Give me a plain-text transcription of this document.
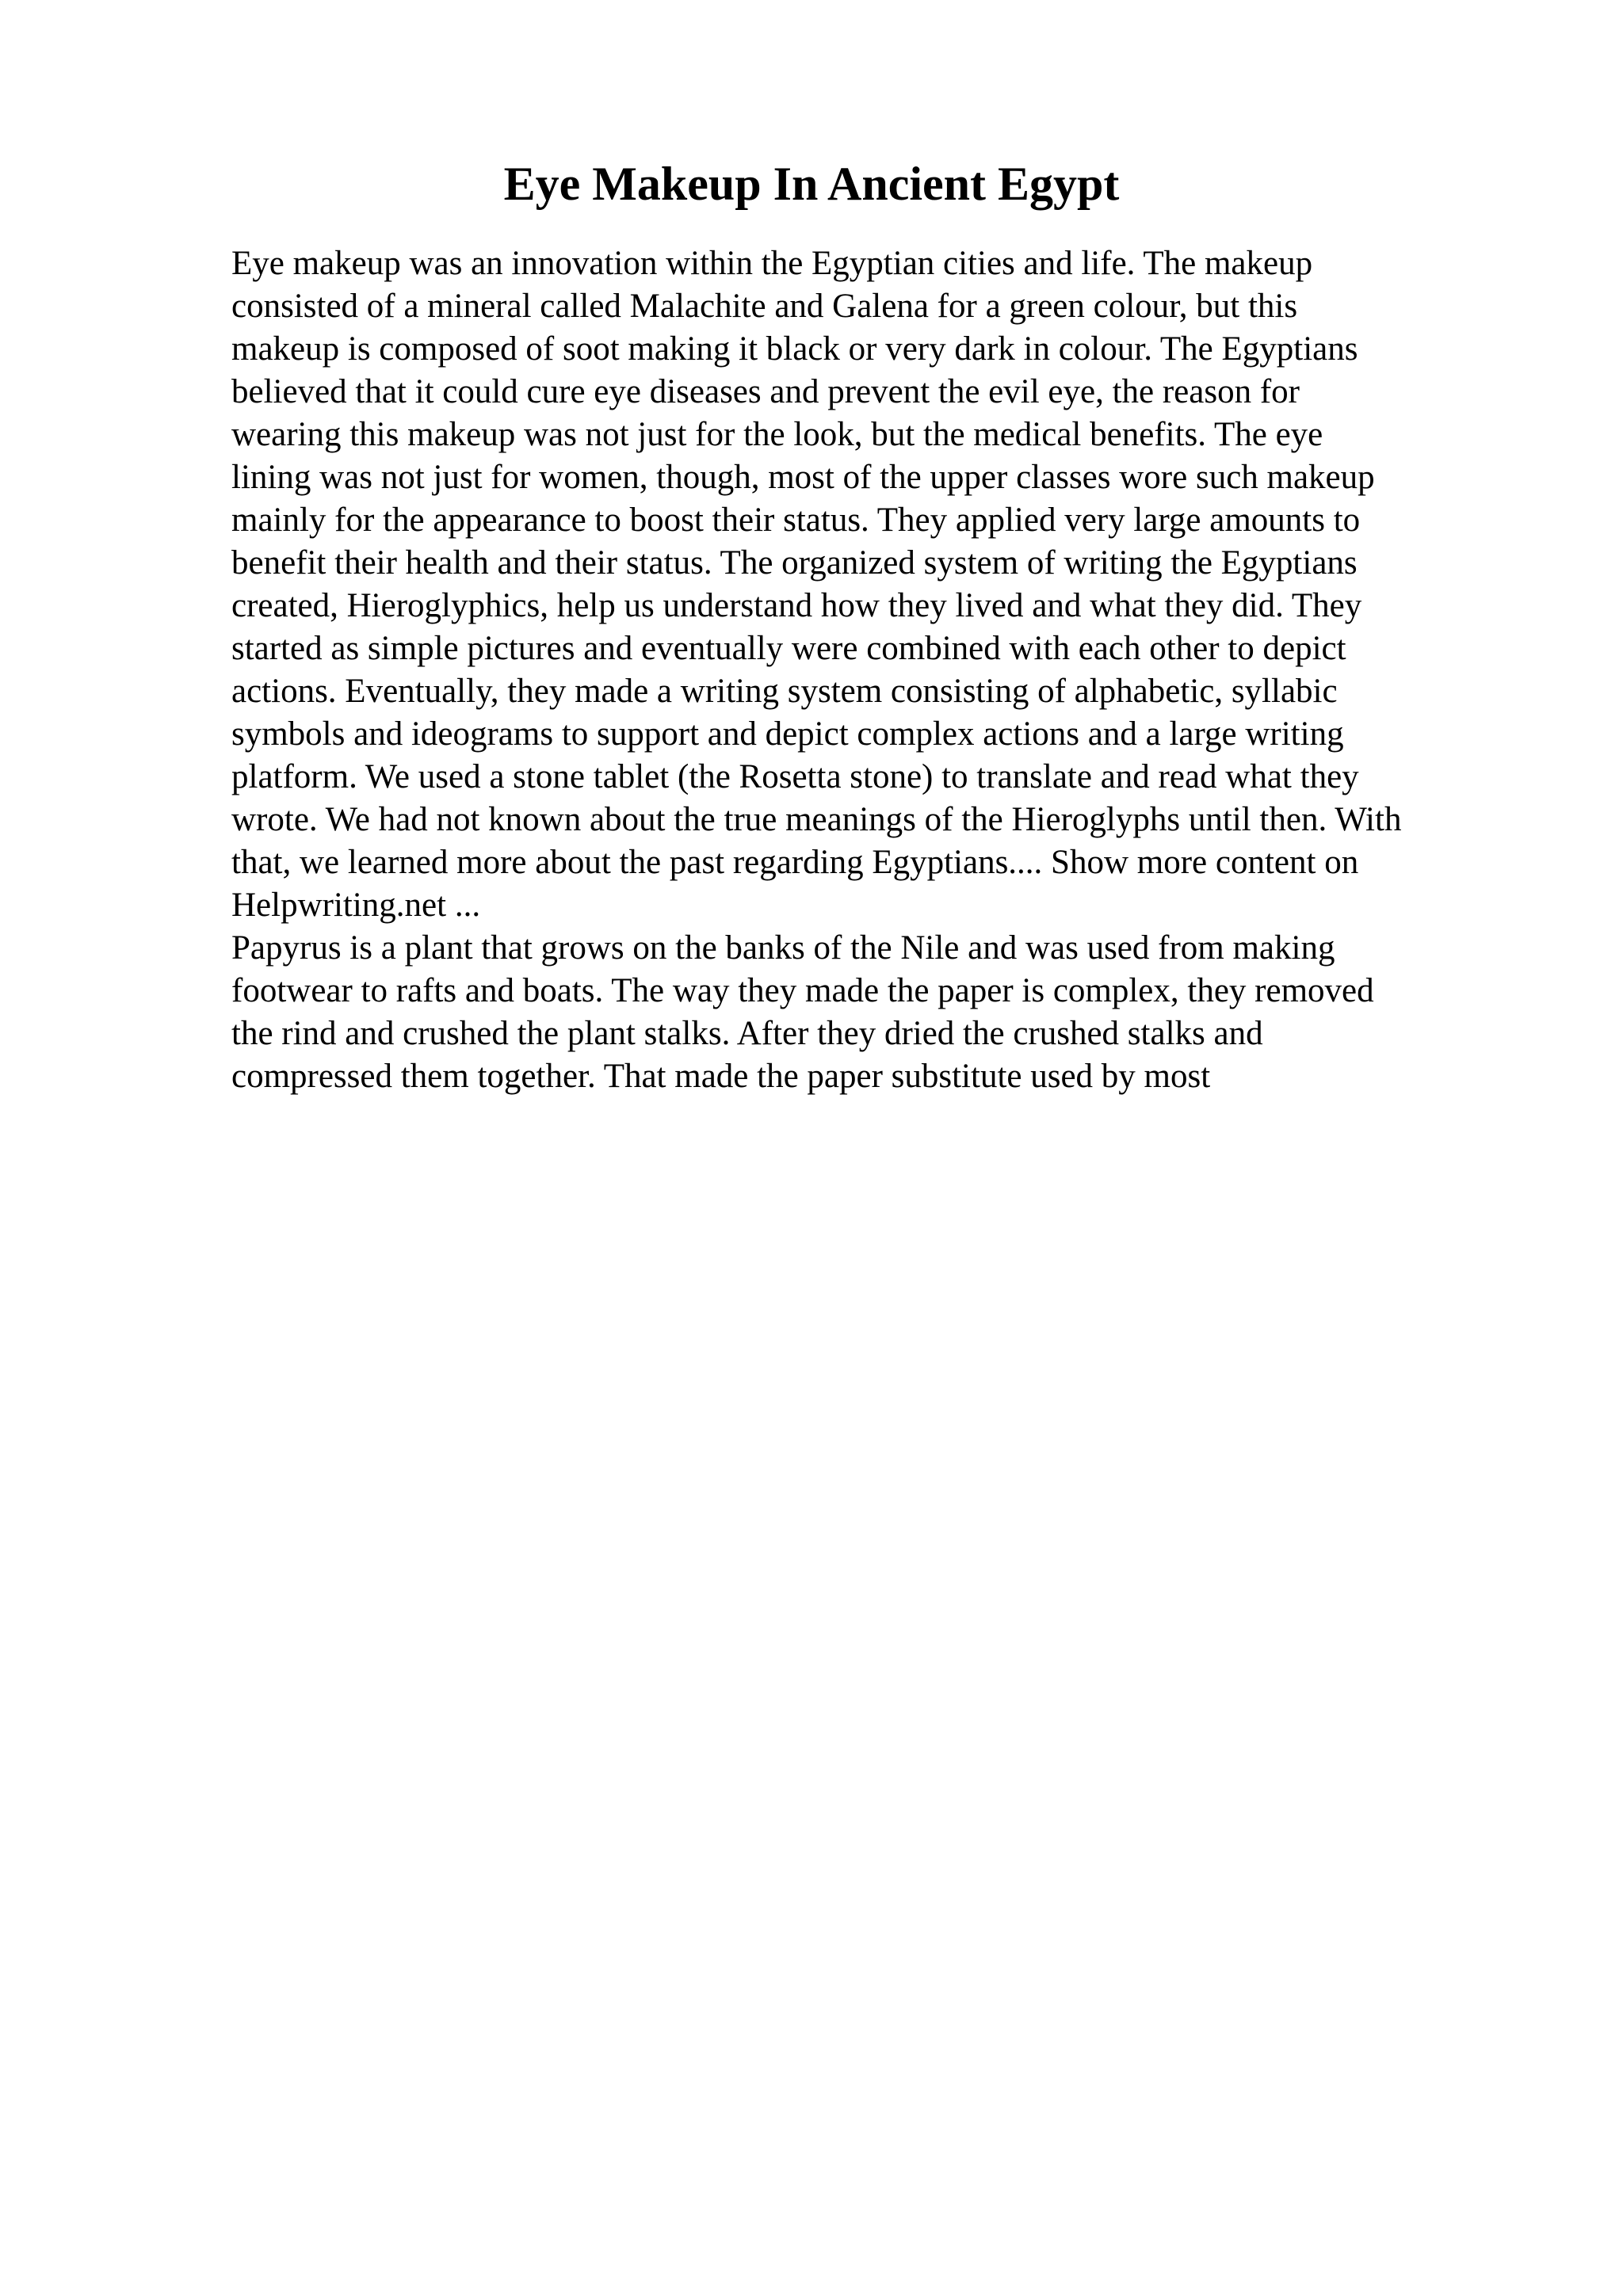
Eye Makeup In Ancient Egypt
Eye makeup was an innovation within the Egyptian cities and life. The makeup
consisted of a mineral called Malachite and Galena for a green colour, but this
makeup is composed of soot making it black or very dark in colour. The Egyptians
believed that it could cure eye diseases and prevent the evil eye, the reason for
wearing this makeup was not just for the look, but the medical benefits. The eye
lining was not just for women, though, most of the upper classes wore such makeup
mainly for the appearance to boost their status. They applied very large amounts to
benefit their health and their status. The organized system of writing the Egyptians
created, Hieroglyphics, help us understand how they lived and what they did. They
started as simple pictures and eventually were combined with each other to depict
actions. Eventually, they made a writing system consisting of alphabetic, syllabic
symbols and ideograms to support and depict complex actions and a large writing
platform. We used a stone tablet (the Rosetta stone) to translate and read what they
wrote. We had not known about the true meanings of the Hieroglyphs until then. With
that, we learned more about the past regarding Egyptians.... Show more content on
Helpwriting.net ...
Papyrus is a plant that grows on the banks of the Nile and was used from making
footwear to rafts and boats. The way they made the paper is complex, they removed
the rind and crushed the plant stalks. After they dried the crushed stalks and
compressed them together. That made the paper substitute used by most
